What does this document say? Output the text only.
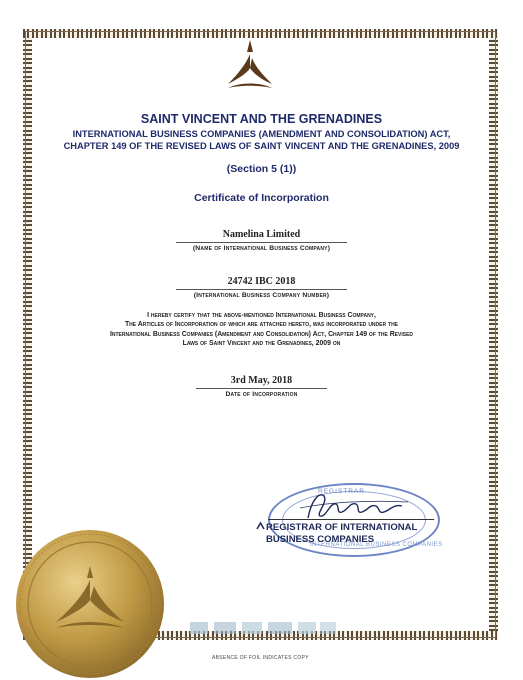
SAINT VINCENT AND THE GRENADINES
INTERNATIONAL BUSINESS COMPANIES (AMENDMENT AND CONSOLIDATION) ACT,
CHAPTER 149 OF THE REVISED LAWS OF SAINT VINCENT AND THE GRENADINES, 2009
(Section 5 (1))
Certificate of Incorporation
Namelina Limited
(Name of International Business Company)
24742 IBC 2018
(International Business Company Number)
I hereby certify that the above-mentioned International Business Company,
The Articles of Incorporation of which are attached hereto, was incorporated under the
International Business Companies (Amendment and Consolidation) Act, Chapter 149 of the Revised
Laws of Saint Vincent and the Grenadines, 2009 on
3rd May, 2018
Date of Incorporation
REGISTRAR
INTERNATIONAL BUSINESS COMPANIES
REGISTRAR OF INTERNATIONAL
BUSINESS COMPANIES
ABSENCE OF FOIL INDICATES COPY
